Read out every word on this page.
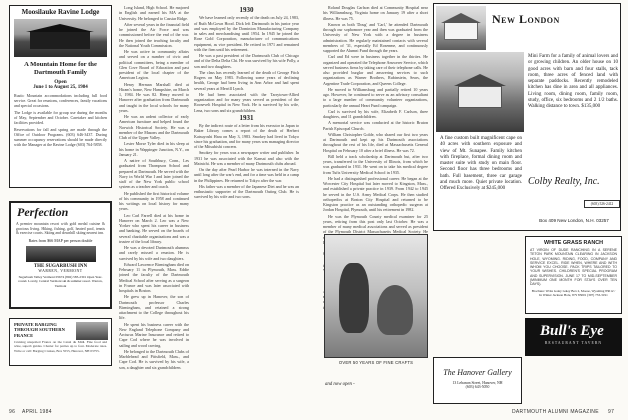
Moosilauke Ravine Lodge
A Mountain Home for the Dartmouth Family
Open
June 1 to August 25, 1984
Rustic Mountain accommodations including full food service. Great for reunions, conferences, family vacations and special occasions.
The Lodge is available for group use during the months of May, September and October. Caretaker and kitchen facilities provided.
Reservations for fall and spring are made through the Office of Outdoor Programs. (603) 646-3437. During summer occupancy reservations should be made directly with the Manager at the Ravine Lodge (603) 764-5858.
Perfection
A premier mountain resort with gold medal cuisine & gracious living. Hiking, fishing, golf, heated pool, tennis & exercise courts. Skiing and downhill skiing nearest inn.
Rates from $66 MAP per person double
THE SUGARBUSH INN
WARREN, VERMONT
Sugarbush Valley Vermont 05674 (802) 583-2301 Open Year-round. Lovely, Central Vermont ski & summer resort. Warren, Vermont
PRIVATE BARGING THROUGH SOUTHERN FRANCE
Cruising unspoiled France on the Canal du Midi. Fine food and wine, superb guides. Charter for parties up to four. Moderate rates. Write or call: Barging Cruises, Box 5555, Hanover, NH 03755.

Long Island, High School. He majored in English and earned his MA at the University. He belonged to Cassiar Ridge.

After several years in the financial field he joined the Air Force and was commissioned before the end of the war. He then joined the teaching faculty and the National Youth Commission.

He was active in community affairs and served on a number of civic and political committees, being a member of Glen Cove Board of Education and past president of the local chapter of the American Legion.

Henry Herman Marshall died at Hiram's home, New Hampshire, on March 1, 1984. He was 82. Henry moved to Hanover after graduation from Dartmouth and taught in the local schools for many years.

He was an ardent collector of early American furniture and helped found the Norwich Historical Society. He was a member of the Masons and the Dartmouth Club of the Upper Valley.

Lester Morse Tyler died in his sleep at his home in Wappinger Junction, N.Y., on January 21.

A native of Southbury, Conn., Les graduated from Thompson School and prepared at Dartmouth. He served with the Navy in World War I and later joined the staff of the New York public school system as a teacher and coach.

He published the first historical volume of his community in 1958 and continued his writings on local history for many years.

Leo Carl Farrell died at his home in Hanover on March 2. Leo was a New Yorker who spent his career in business and banking. He served on the boards of several charitable organizations and was a trustee of the local library.

He was a devoted Dartmouth alumnus and rarely missed a reunion. He is survived by his wife and two daughters.

Edward Lawrence Birmingham died on February 11 in Plymouth, Mass. Eddie joined the faculty of the Dartmouth Medical School after serving as a surgeon in France and was later associated with hospitals in Boston.

He grew up in Hanover, the son of Dartmouth professor Charles Birmingham, and retained a strong attachment to the College throughout his life.

He spent his business career with the New England Telephone Company and Arcturus Marine Insurance and retired to Cape Cod where he was involved in sailing and wood carving.

He belonged to the Dartmouth Clubs of Marblehead and Pittsfield, Mass., and Cape Cod. He is survived by his wife, a son, a daughter and six grandchildren.

1930

We have learned only recently of the death on July 24, 1983, of Ruth McGown Hood. Dick left Dartmouth in his junior year and was employed by the Dominion Manufacturing Company in sales and merchandising until 1954. In 1945 he joined the Rose Gold Corporation, manufacturer of communications equipment, as vice president. He retired in 1971 and remained with the firm until his retirement.

He was a past president of the Dartmouth Club of Chicago and of the Delta Delta Chi. He was survived by his wife Polly, a son and two daughters.

The class has recently learned of the death of George Fitch Rogers on May 1983. Following some years of declining health, George had been living in Ann Arbor and had spent several years at Merrill Lynch.

He had been associated with the Tarrytown-Allied organization and for many years served as president of the Roosevelt Hospital in New York. He is survived by his wife, Lena, two sons and six grandchildren.

1931

By the indirect route of a letter from his executor in Japan to Baker Library comes a report of the death of Herbert Katsuyoshi Hara on May 3, 1983. Smokey had lived in Tokyo since his graduation, and for many years was managing director of the Mitsubishi concern.

Smokey for years was a newspaper writer and publisher. In 1931 he was associated with the Kansai and also with the Mainichi. He was a member of many Dartmouth clubs abroad.

On the day after Pearl Harbor he was interned in the Navy until long after the war's end, and for a time was held in a camp in the Philippines. He returned to Tokyo after the war.

His father was a member of the Japanese Diet and he was an enthusiastic supporter of the Dartmouth Outing Club. He is survived by his wife and two sons.

Roland Douglas Carlson died at Community Hospital near his Williamsburg, Virginia home on January 19 after a short illness. He was 75.

Known as both 'Doug' and 'Carl,' he attended Dartmouth through our sophomore year and then was graduated from the University of New York with a degree in business administration. He regularly maintained contacts with several members of '31, especially Ed Rosenme, and continuously supported the Alumni Fund through the years.

Carl and Ed were in business together in the thirties. He organized and operated the Telephone Answerer Service, which served business firms by taking care of their telephone calls. He also provided burglar and answering services to such organizations as Warner Brothers, Rubinstein, Sears, the Argentine Trade Corporation, and Queens College.

He moved to Williamsburg and partially retired 10 years ago. However, he continued to serve as an advisory consultant to a large number of community volunteer organizations, particularly the annual Heart Fund campaign.

Carl is survived by his wife, Elizabeth F. Carlson, three daughters, and 11 grandchildren.

A memorial service was conducted at the historic Bruton Parish Episcopal Church.

William Christopher Golde, who shared our first two years at Dartmouth and kept up his Dartmouth associations throughout the rest of his life, died at Massachusetts General Hospital on February 10 after a brief illness. He was 72.

Bill held a track scholarship at Dartmouth but, after two years, transferred to the University of Illinois, from which he was graduated in 1931. He went on to take his medical degree from Tufts University Medical School in 1935.

He had a distinguished professional career. He began at the Worcester City Hospital but later moved to Kingston, Mass., and established a private practice in 1939. From 1942 to 1945 he served in the U.S. Army Medical Corps. He then studied orthopedics at Boston City Hospital and returned to be Kingston practice as an outstanding orthopedic surgeon at Jordan Hospital, Plymouth, until his retirement in 1982.

He was the Plymouth County medical examiner for 25 years, retiring from this post only last October. He was a member of many medical associations and served as president of the Plymouth District Massachusetts Medical Society. He

New London
Mini Farm for a family of animal lovers and or growing children. An older house on 10 good acres with barn and four stalls, tack room, three acres of fenced land with separate paddocks. Recently remodeled kitchen has dine in area and all appliances. Living room, dining room, family room, study, office, six bedrooms and 2 1/2 baths. Walking distance to town. $135,000
A fine custom built magnificent cape on 40 acres with southern exposure and view of Mt. Sunapee. Family kitchen with fireplace, formal dining room and master suite with study on main floor. Second floor has three bedrooms and bath. Full basement, three car garage and much more. Quiet private location. Offered Exclusively at $245,000
Colby Realty, Inc.
(603) 526-2412
Box 409 New London, N.H. 03257
OVER 50 YEARS OF FINE CRAFTS
and now open -
The Hanover Gallery
13 Lebanon Street, Hanover, NH
(603) 643-5050
WHITE GRASS RANCH
AT VIRGIN OF DUDE RANCHING IN A SERENE TETON PARK MOUNTAIN CLEARING IN JACKSON HOLE, WYOMING. RIDING, FOOD, COMPANY AND SERVICE EXCEL. RIDE WHEN, WHERE AND WITH WHOM YOU CHOOSE. PACK TRIPS TAILORED TO YOUR WISHES. CHILDREN'S SPECIAL PROGRAM AND SUPERVISION. JUNE 17 TO MID-SEPTEMBER (MINIMUM ONE MONTH FOR STAYS OVER TEN DAYS).
Brochure: Write Galey Galey Box 2, Moose, Wyoming 83012 / In Winter Jackson Hole, WY 83001 (307) 733-3191
Bull's Eye
RESTAURANT TAVERN
96 APRIL 1984	DARTMOUTH ALUMNI MAGAZINE 97
